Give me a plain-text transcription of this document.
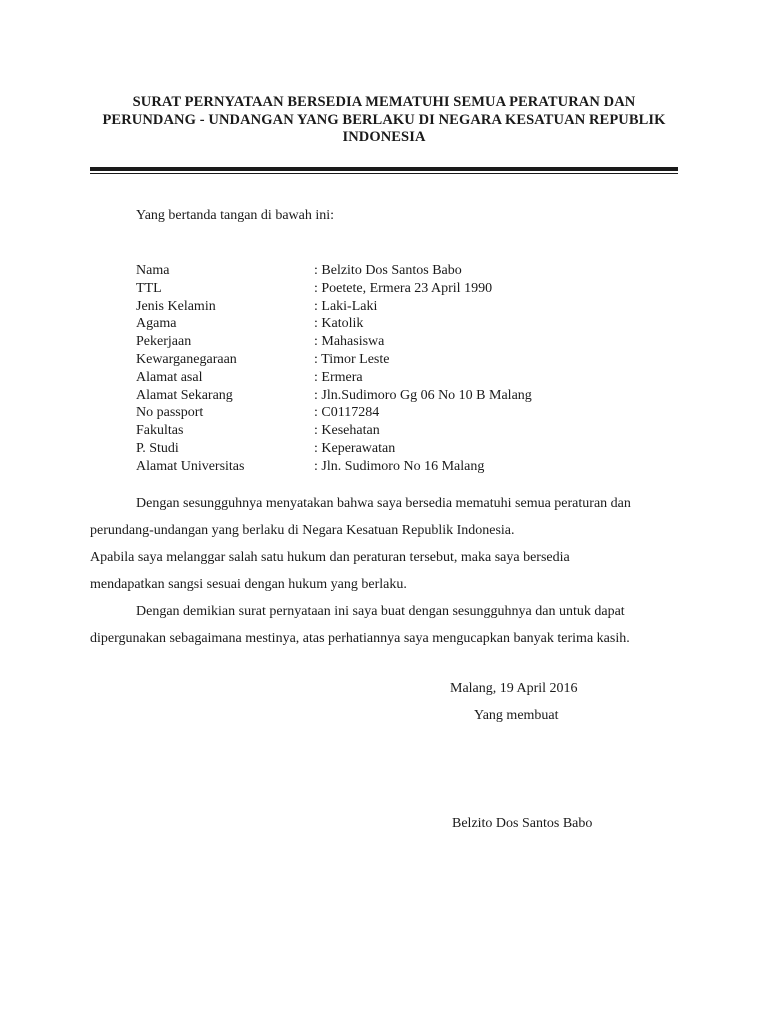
SURAT PERNYATAAN BERSEDIA MEMATUHI SEMUA PERATURAN DAN
PERUNDANG - UNDANGAN YANG BERLAKU DI NEGARA KESATUAN REPUBLIK
INDONESIA
Yang bertanda tangan di bawah ini:
Nama	: Belzito Dos Santos Babo
TTL	: Poetete, Ermera 23 April 1990
Jenis Kelamin	: Laki-Laki
Agama	: Katolik
Pekerjaan	: Mahasiswa
Kewarganegaraan	: Timor Leste
Alamat asal	: Ermera
Alamat Sekarang	: Jln.Sudimoro Gg 06 No 10 B Malang
No passport	: C0117284
Fakultas	: Kesehatan
P. Studi	: Keperawatan
Alamat Universitas	: Jln. Sudimoro No 16 Malang

Dengan sesungguhnya menyatakan bahwa saya bersedia mematuhi semua peraturan dan

perundang-undangan yang berlaku di Negara Kesatuan Republik Indonesia.

Apabila saya melanggar salah satu hukum dan peraturan tersebut, maka saya bersedia

mendapatkan sangsi sesuai dengan hukum yang berlaku.

Dengan demikian surat pernyataan ini saya buat dengan sesungguhnya dan untuk dapat

dipergunakan sebagaimana mestinya, atas perhatiannya saya mengucapkan banyak terima kasih.

Malang, 19 April 2016
Yang membuat
Belzito Dos Santos Babo
